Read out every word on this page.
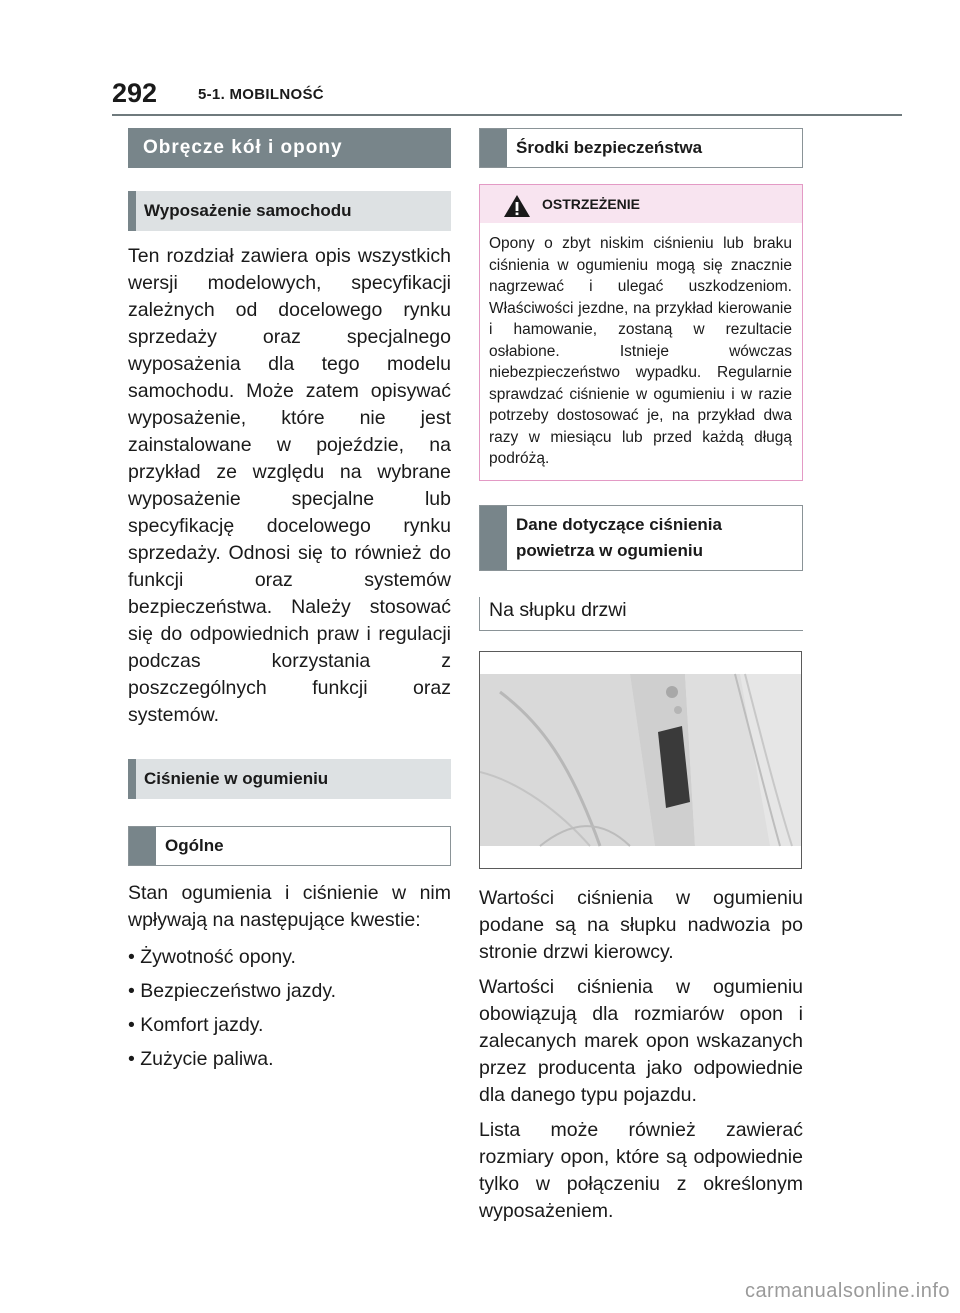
292	5-1. MOBILNOŚĆ
Obręcze kół i opony
Wyposażenie samochodu

Ten rozdział zawiera opis wszystkich wersji modelowych, specyfikacji zależnych od docelowego rynku sprzedaży oraz specjalnego wyposażenia dla tego modelu samochodu. Może zatem opisywać wyposażenie, które nie jest zainstalowane w pojeździe, na przykład ze względu na wybrane wyposażenie specjalne lub specyfikację docelowego rynku sprzedaży. Odnosi się to również do funkcji oraz systemów bezpieczeństwa. Należy stosować się do odpowiednich praw i regulacji podczas korzystania z poszczególnych funkcji oraz systemów.

Ciśnienie w ogumieniu
Ogólne

Stan ogumienia i ciśnienie w nim wpływają na następujące kwestie:

• Żywotność opony.
• Bezpieczeństwo jazdy.
• Komfort jazdy.
• Zużycie paliwa.
Środki bezpieczeństwa
OSTRZEŻENIE
Opony o zbyt niskim ciśnieniu lub braku ciśnienia w ogumieniu mogą się znacznie nagrzewać i ulegać uszkodzeniom. Właściwości jezdne, na przykład kierowanie i hamowanie, zostaną w rezultacie osłabione. Istnieje wówczas niebezpieczeństwo wypadku. Regularnie sprawdzać ciśnienie w ogumieniu i w razie potrzeby dostosować je, na przykład dwa razy w miesiącu lub przed każdą długą podróżą.
Dane dotyczące ciśnienia powietrza w ogumieniu
Na słupku drzwi

Wartości ciśnienia w ogumieniu podane są na słupku nadwozia po stronie drzwi kierowcy.

Wartości ciśnienia w ogumieniu obowiązują dla rozmiarów opon i zalecanych marek opon wskazanych przez producenta jako odpowiednie dla danego typu pojazdu.

Lista może również zawierać rozmiary opon, które są odpowiednie tylko w połączeniu z określonym wyposażeniem.

carmanualsonline.info
